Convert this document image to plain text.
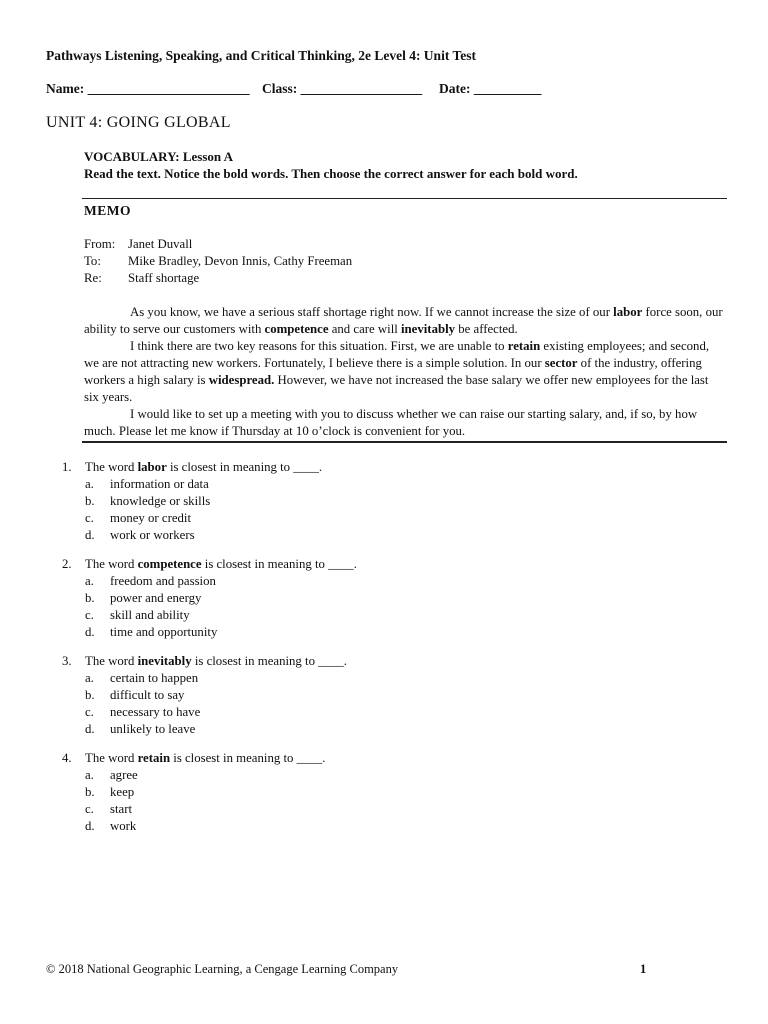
Pathways Listening, Speaking, and Critical Thinking, 2e Level 4: Unit Test
Name: ________________________ Class: __________________ Date: __________
UNIT 4: GOING GLOBAL
VOCABULARY: Lesson A
Read the text. Notice the bold words. Then choose the correct answer for each bold word.
MEMO
From: Janet Duvall
To: Mike Bradley, Devon Innis, Cathy Freeman
Re: Staff shortage

As you know, we have a serious staff shortage right now. If we cannot increase the size of our labor force soon, our ability to serve our customers with competence and care will inevitably be affected.

I think there are two key reasons for this situation. First, we are unable to retain existing employees; and second, we are not attracting new workers. Fortunately, I believe there is a simple solution. In our sector of the industry, offering workers a high salary is widespread. However, we have not increased the base salary we offer new employees for the last six years.

I would like to set up a meeting with you to discuss whether we can raise our starting salary, and, if so, by how much. Please let me know if Thursday at 10 o’clock is convenient for you.

1. The word labor is closest in meaning to ____.
a. information or data
b. knowledge or skills
c. money or credit
d. work or workers
2. The word competence is closest in meaning to ____.
a. freedom and passion
b. power and energy
c. skill and ability
d. time and opportunity
3. The word inevitably is closest in meaning to ____.
a. certain to happen
b. difficult to say
c. necessary to have
d. unlikely to leave
4. The word retain is closest in meaning to ____.
a. agree
b. keep
c. start
d. work
© 2018 National Geographic Learning, a Cengage Learning Company	1
